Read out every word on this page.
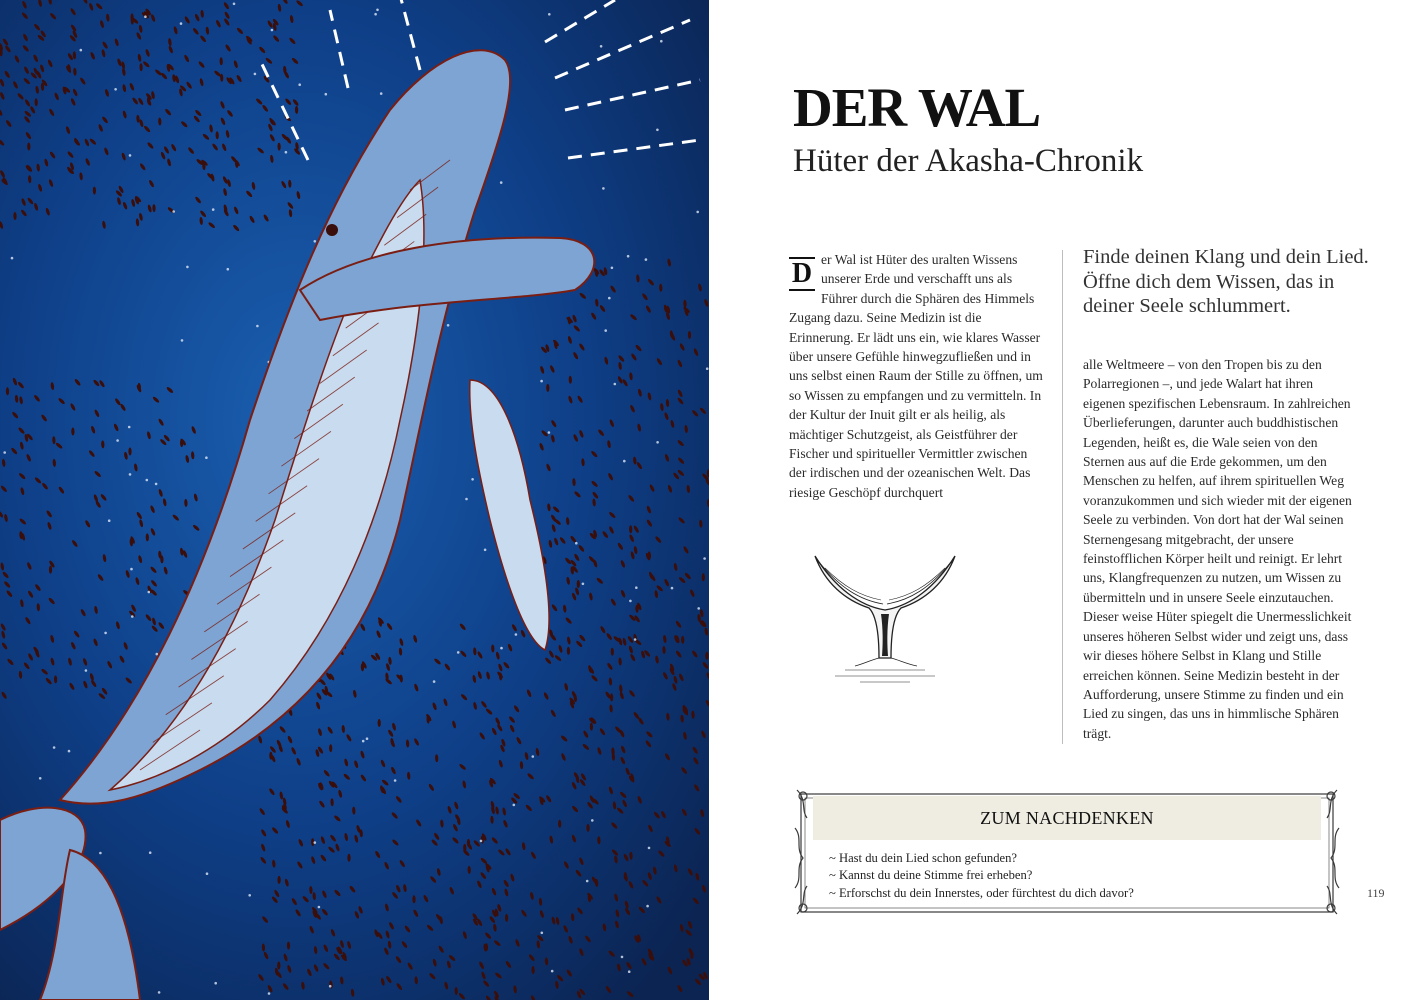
DER WAL
Hüter der Akasha-Chronik
D er Wal ist Hüter des uralten Wissens unserer Erde und verschafft uns als Führer durch die Sphären des Himmels Zugang dazu. Seine Medizin ist die Erinnerung. Er lädt uns ein, wie klares Wasser über unsere Gefühle hinwegzufließen und in uns selbst einen Raum der Stille zu öffnen, um so Wissen zu empfangen und zu vermitteln. In der Kultur der Inuit gilt er als heilig, als mächtiger Schutzgeist, als Geistführer der Fischer und spiritueller Vermittler zwischen der irdischen und der ozeanischen Welt. Das riesige Geschöpf durchquert

Finde deinen Klang und dein Lied. Öffne dich dem Wissen, das in deiner Seele schlummert.

alle Weltmeere – von den Tropen bis zu den Polarregionen –, und jede Walart hat ihren eigenen spezifischen Lebensraum. In zahlreichen Überlieferungen, darunter auch buddhistischen Legenden, heißt es, die Wale seien von den Sternen aus auf die Erde gekommen, um den Menschen zu helfen, auf ihrem spirituellen Weg voranzukommen und sich wieder mit der eigenen Seele zu verbinden. Von dort hat der Wal seinen Sternengesang mitgebracht, der unsere feinstofflichen Körper heilt und reinigt. Er lehrt uns, Klangfrequenzen zu nutzen, um Wissen zu übermitteln und in unsere Seele einzutauchen. Dieser weise Hüter spiegelt die Unermesslichkeit unseres höheren Selbst wider und zeigt uns, dass wir dieses höhere Selbst in Klang und Stille erreichen können. Seine Medizin besteht in der Aufforderung, unsere Stimme zu finden und ein Lied zu singen, das uns in himmlische Sphären trägt.

ZUM NACHDENKEN
~ Hast du dein Lied schon gefunden?
~ Kannst du deine Stimme frei erheben?
~ Erforschst du dein Innerstes, oder fürchtest du dich davor?	119
